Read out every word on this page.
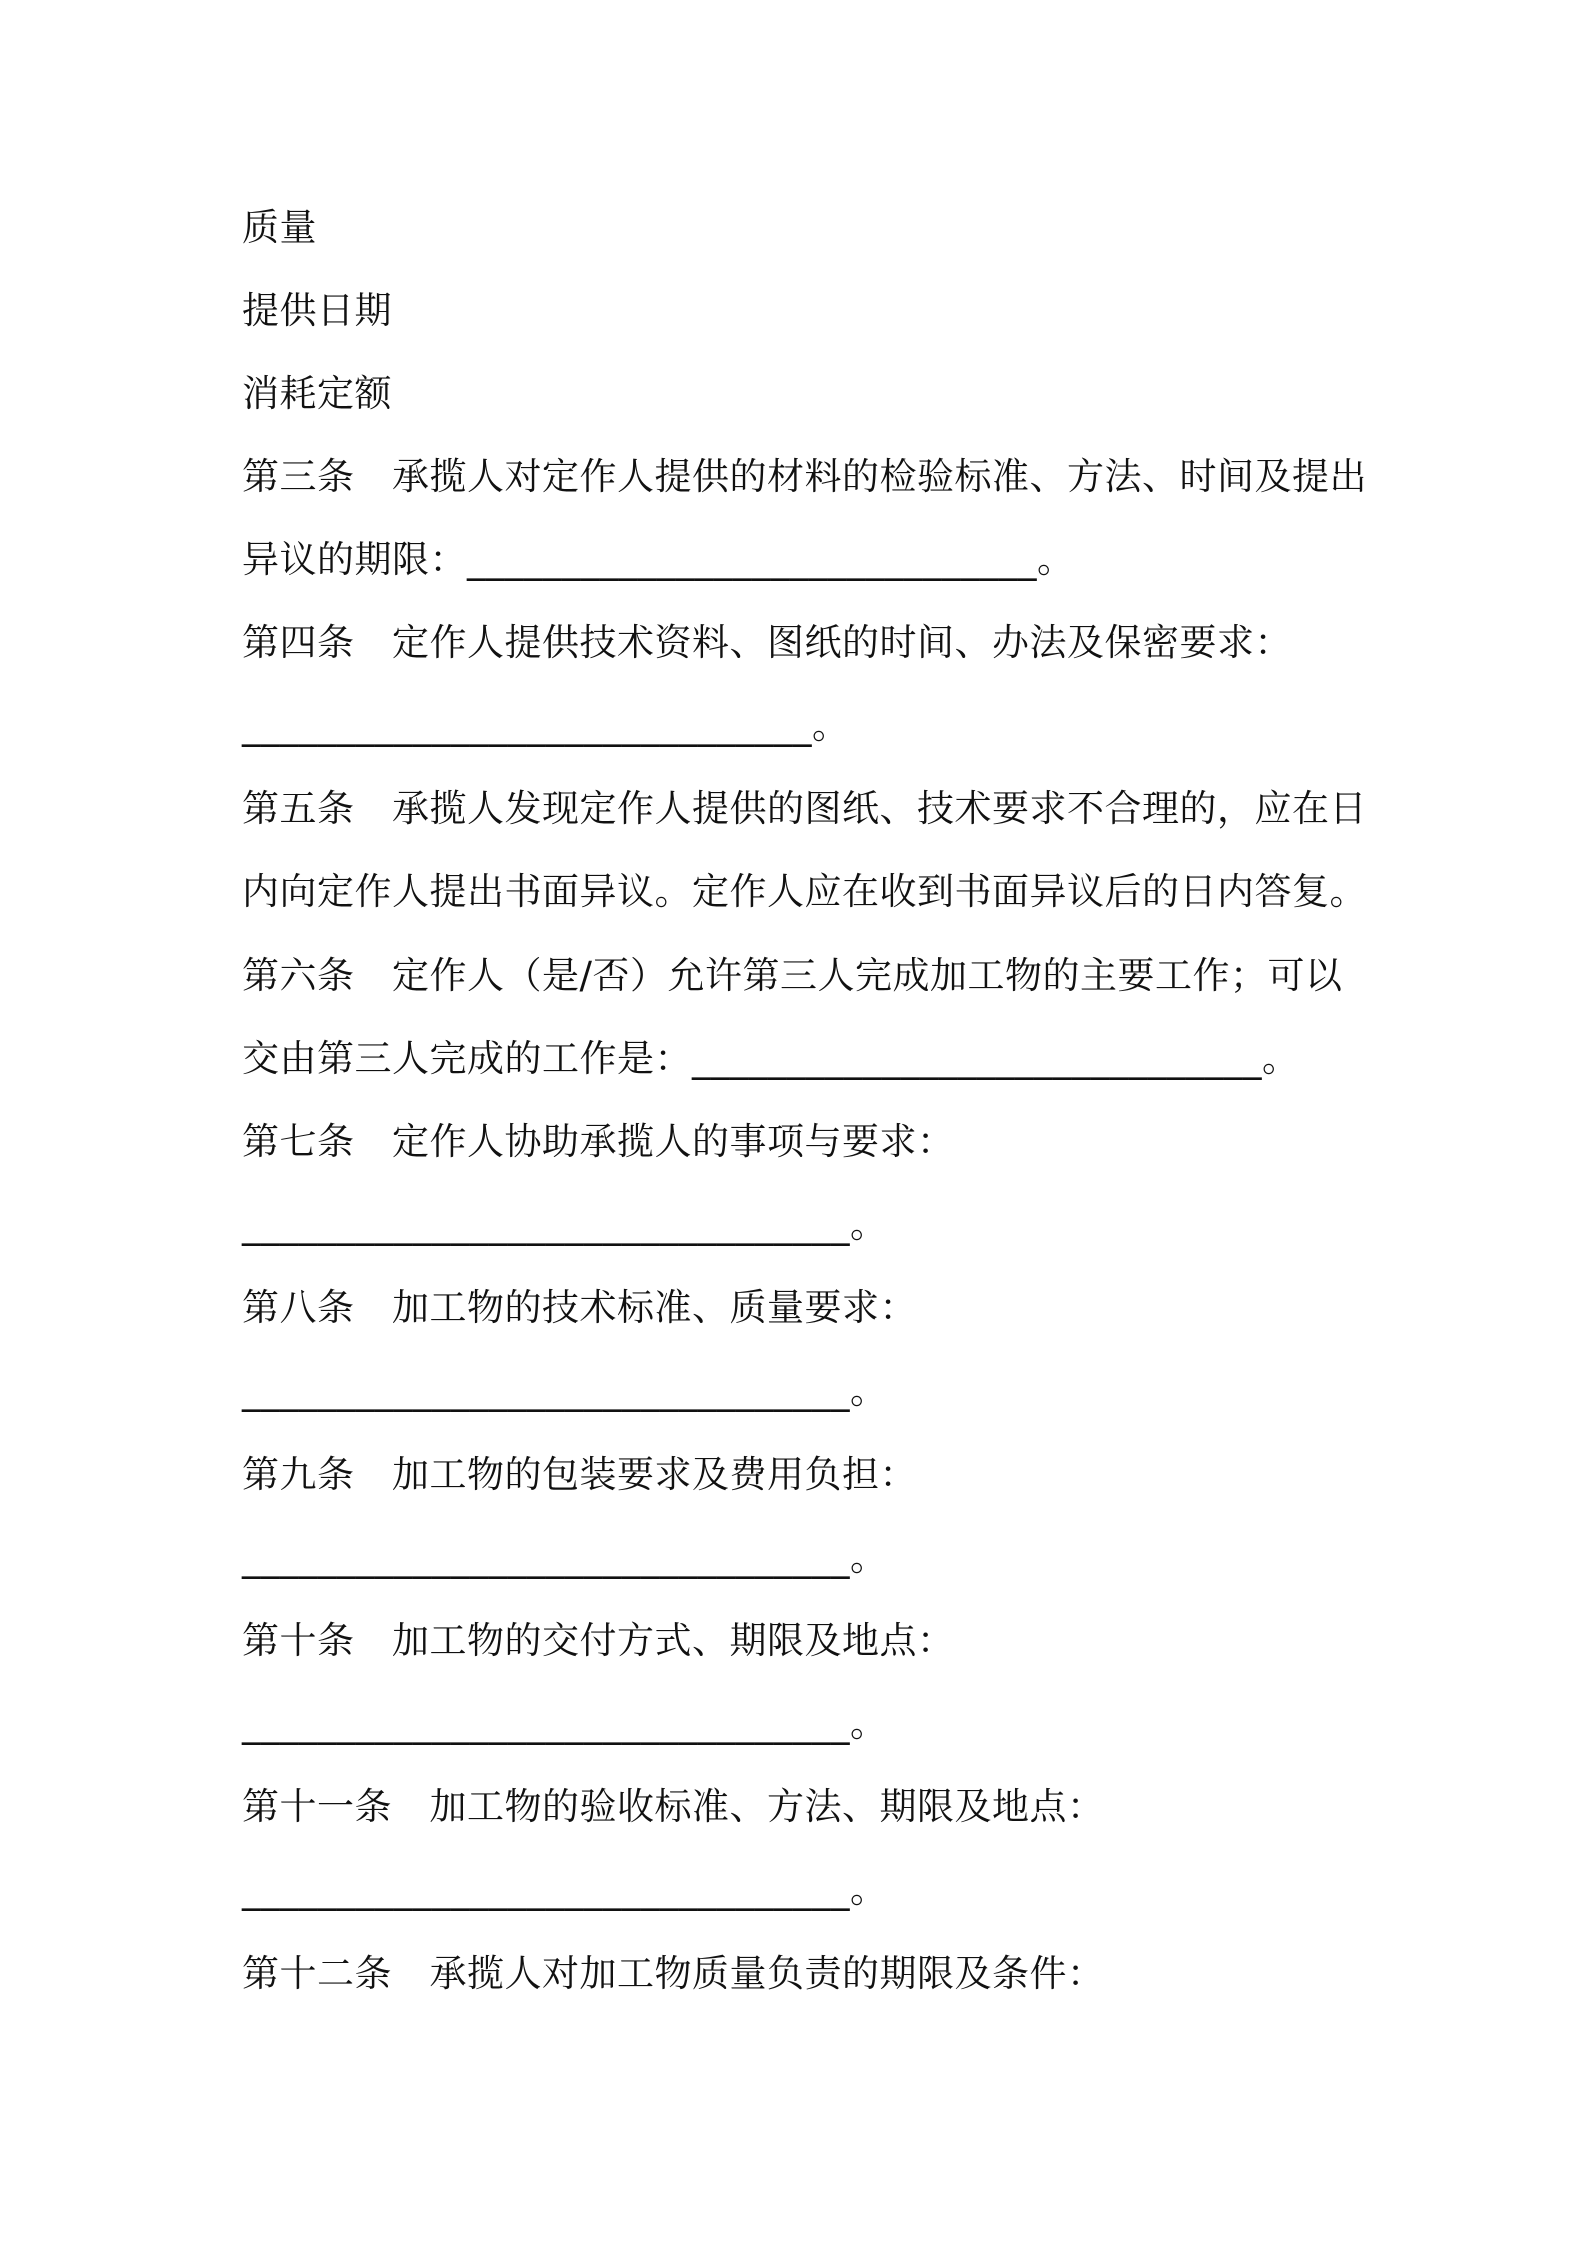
质量
提供日期
消耗定额
第三条　承揽人对定作人提供的材料的检验标准、方法、时间及提出
异议的期限：______________________________。
第四条　定作人提供技术资料、图纸的时间、办法及保密要求：
______________________________。
第五条　承揽人发现定作人提供的图纸、技术要求不合理的，应在日
内向定作人提出书面异议。定作人应在收到书面异议后的日内答复。
第六条　定作人（是/否）允许第三人完成加工物的主要工作；可以
交由第三人完成的工作是：______________________________。
第七条　定作人协助承揽人的事项与要求：
________________________________。
第八条　加工物的技术标准、质量要求：
________________________________。
第九条　加工物的包装要求及费用负担：
________________________________。
第十条　加工物的交付方式、期限及地点：
________________________________。
第十一条　加工物的验收标准、方法、期限及地点：
________________________________。
第十二条　承揽人对加工物质量负责的期限及条件：
